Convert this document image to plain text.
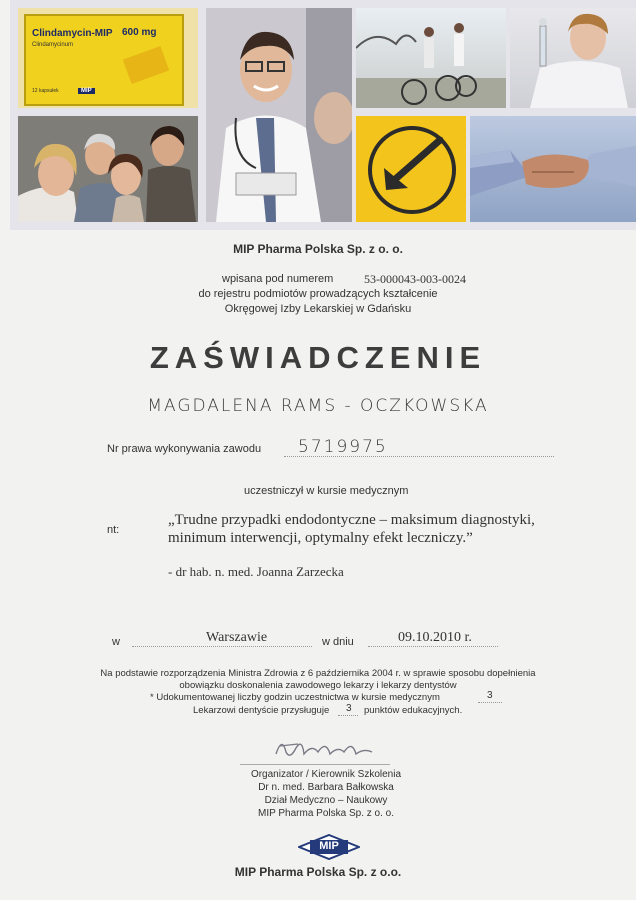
Clindamycin-MIP 600 mg
Clindamycinum
12 kapsułek	MIP
MIP Pharma Polska Sp. z o. o.
wpisana pod numerem	53-000043-003-0024
do rejestru podmiotów prowadzących kształcenie
Okręgowej Izby Lekarskiej w Gdańsku
ZAŚWIADCZENIE
MAGDALENA RAMS - OCZKOWSKA
Nr prawa wykonywania zawodu 5719975
uczestniczył w kursie medycznym
nt:
„Trudne przypadki endodontyczne – maksimum diagnostyki,
minimum interwencji, optymalny efekt leczniczy.”
- dr hab. n. med. Joanna Zarzecka
w	Warszawie	w dniu	09.10.2010 r.
Na podstawie rozporządzenia Ministra Zdrowia z 6 października 2004 r. w sprawie sposobu dopełnienia
obowiązku doskonalenia zawodowego lekarzy i lekarzy dentystów
* Udokumentowanej liczby godzin uczestnictwa w kursie medycznym	3
Lekarzowi dentyście przysługuje 3 punktów edukacyjnych.
Organizator / Kierownik Szkolenia
Dr n. med. Barbara Bałkowska
Dział Medyczno – Naukowy
MIP Pharma Polska Sp. z o. o.
MIP
MIP Pharma Polska Sp. z o.o.
